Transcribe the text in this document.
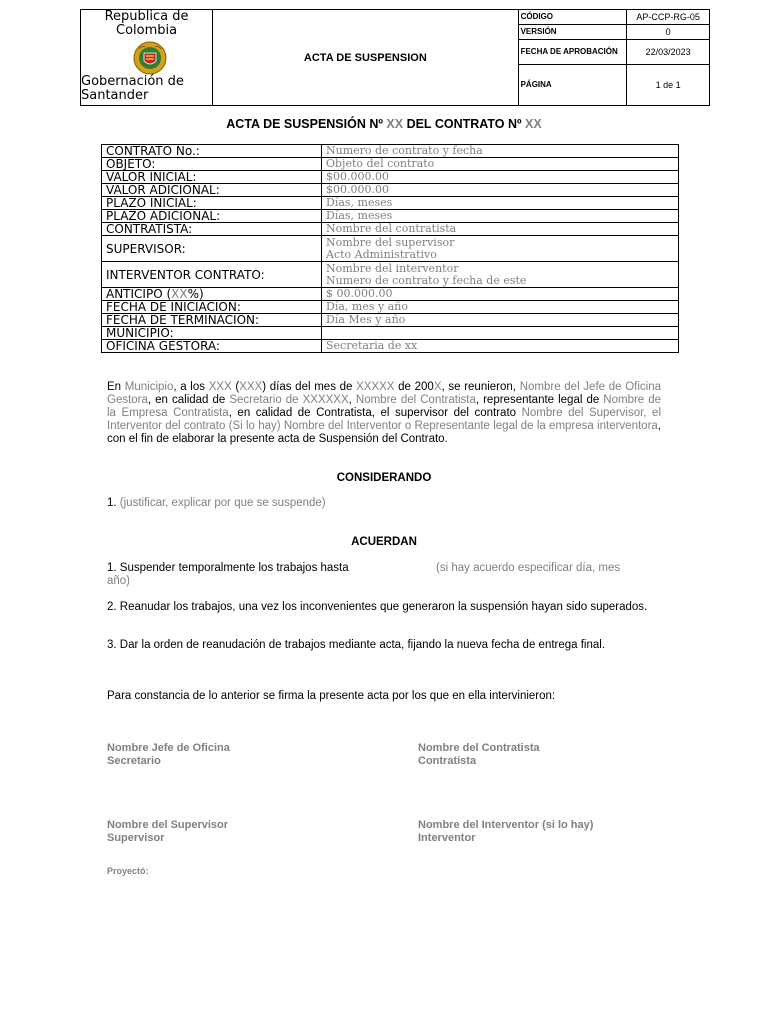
Republica de Colombia
Gobernación de Santander	ACTA DE SUSPENSION	CÓDIGO	AP-CCP-RG-05
		VERSIÓN	0
		FECHA DE APROBACIÓN	22/03/2023
		PÁGINA	1 de 1
ACTA DE SUSPENSIÓN Nº XX DEL CONTRATO Nº XX
CONTRATO No.:	Numero de contrato y fecha
OBJETO:	Objeto del contrato
VALOR INICIAL:	$00.000.00
VALOR ADICIONAL:	$00.000.00
PLAZO INICIAL:	Días, meses
PLAZO ADICIONAL:	Días, meses
CONTRATISTA:	Nombre del contratista
SUPERVISOR:	Nombre del supervisor
Acto Administrativo

INTERVENTOR CONTRATO:	Nombre del interventor
Numero de contrato y fecha de este

ANTICIPO (XX%)	$ 00.000.00
FECHA DE INICIACION:	Día, mes y año
FECHA DE TERMINACION:	Día Mes y año
MUNICIPIO:	
OFICINA GESTORA:	Secretaria de xx
En Municipio, a los XXX (XXX) días del mes de XXXXX de 200X, se reunieron, Nombre del Jefe de Oficina Gestora, en calidad de Secretario de XXXXXX, Nombre del Contratista, representante legal de Nombre de la Empresa Contratista, en calidad de Contratista, el supervisor del contrato Nombre del Supervisor, el Interventor del contrato (Si lo hay) Nombre del Interventor o Representante legal de la empresa interventora, con el fin de elaborar la presente acta de Suspensión del Contrato.
CONSIDERANDO
1. (justificar, explicar por que se suspende)
ACUERDAN
1. Suspender temporalmente los trabajos hasta	(si hay acuerdo especificar día, mes

año)
2. Reanudar los trabajos, una vez los inconvenientes que generaron la suspensión hayan sido superados.
3. Dar la orden de reanudación de trabajos mediante acta, fijando la nueva fecha de entrega final.
Para constancia de lo anterior se firma la presente acta por los que en ella intervinieron:
Nombre Jefe de Oficina
Secretario
Nombre del Contratista
Contratista
Nombre del Supervisor
Supervisor
Nombre del Interventor (si lo hay)
Interventor
Proyectó:
